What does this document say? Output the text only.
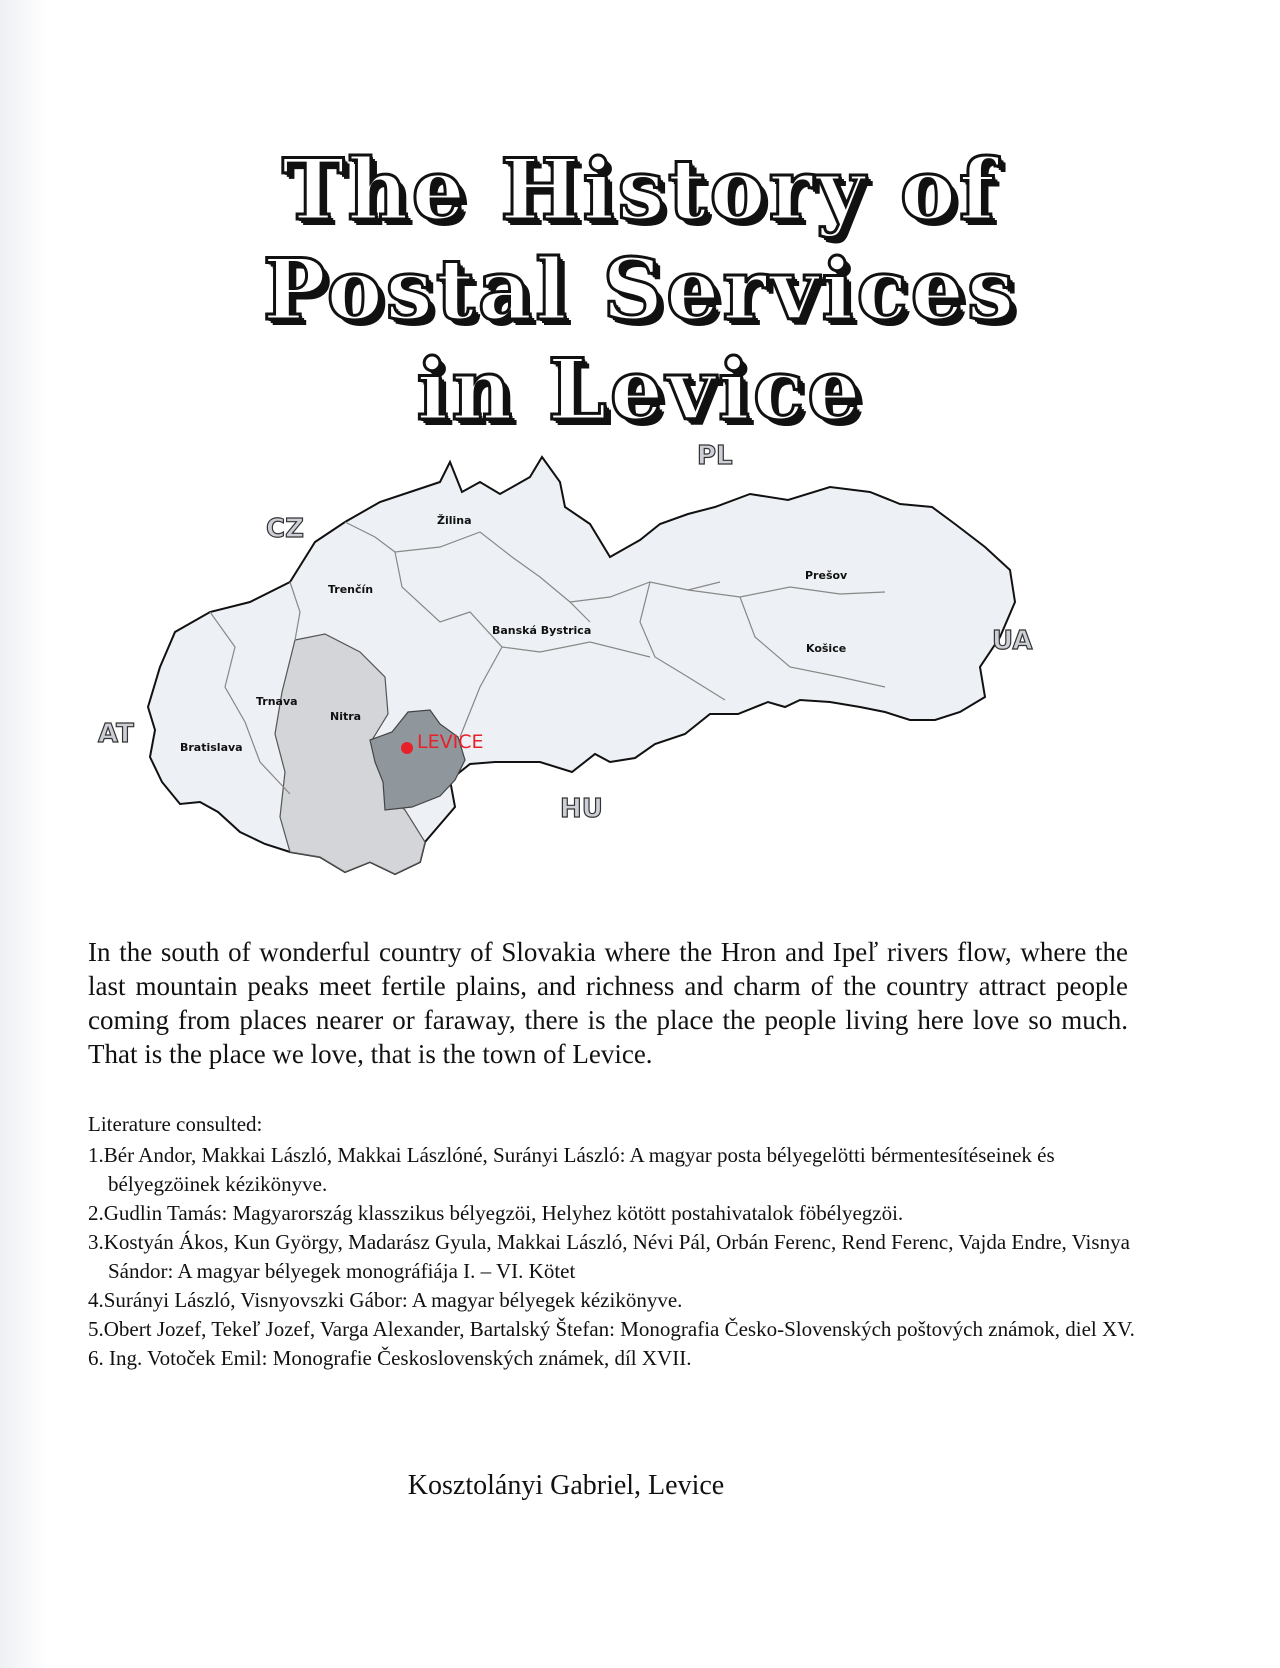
The History of
Postal Services
in Levice
PL
CZ
UA
AT
HU
Žilina
Trenčín
Prešov
Banská Bystrica
Košice
Trnava
Nitra
Bratislava	LEVICE

In the south of wonderful country of Slovakia where the Hron and Ipeľ rivers flow, where the last mountain peaks meet fertile plains, and richness and charm of the country attract people coming from places nearer or faraway, there is the place the people living here love so much. That is the place we love, that is the town of Levice.

Literature consulted:
1.Bér Andor, Makkai László, Makkai Lászlóné, Surányi László: A magyar posta bélyegelötti bérmentesítéseinek és bélyegzöinek kézikönyve.
2.Gudlin Tamás: Magyarország klasszikus bélyegzöi, Helyhez kötött postahivatalok föbélyegzöi.
3.Kostyán Ákos, Kun György, Madarász Gyula, Makkai László, Névi Pál, Orbán Ferenc, Rend Ferenc, Vajda Endre, Visnya Sándor: A magyar bélyegek monográfiája I. – VI. Kötet
4.Surányi László, Visnyovszki Gábor: A magyar bélyegek kézikönyve.
5.Obert Jozef, Tekeľ Jozef, Varga Alexander, Bartalský Štefan: Monografia Česko-Slovenských poštových známok, diel XV.
6. Ing. Votoček Emil: Monografie Československých známek, díl XVII.
Kosztolányi Gabriel, Levice
